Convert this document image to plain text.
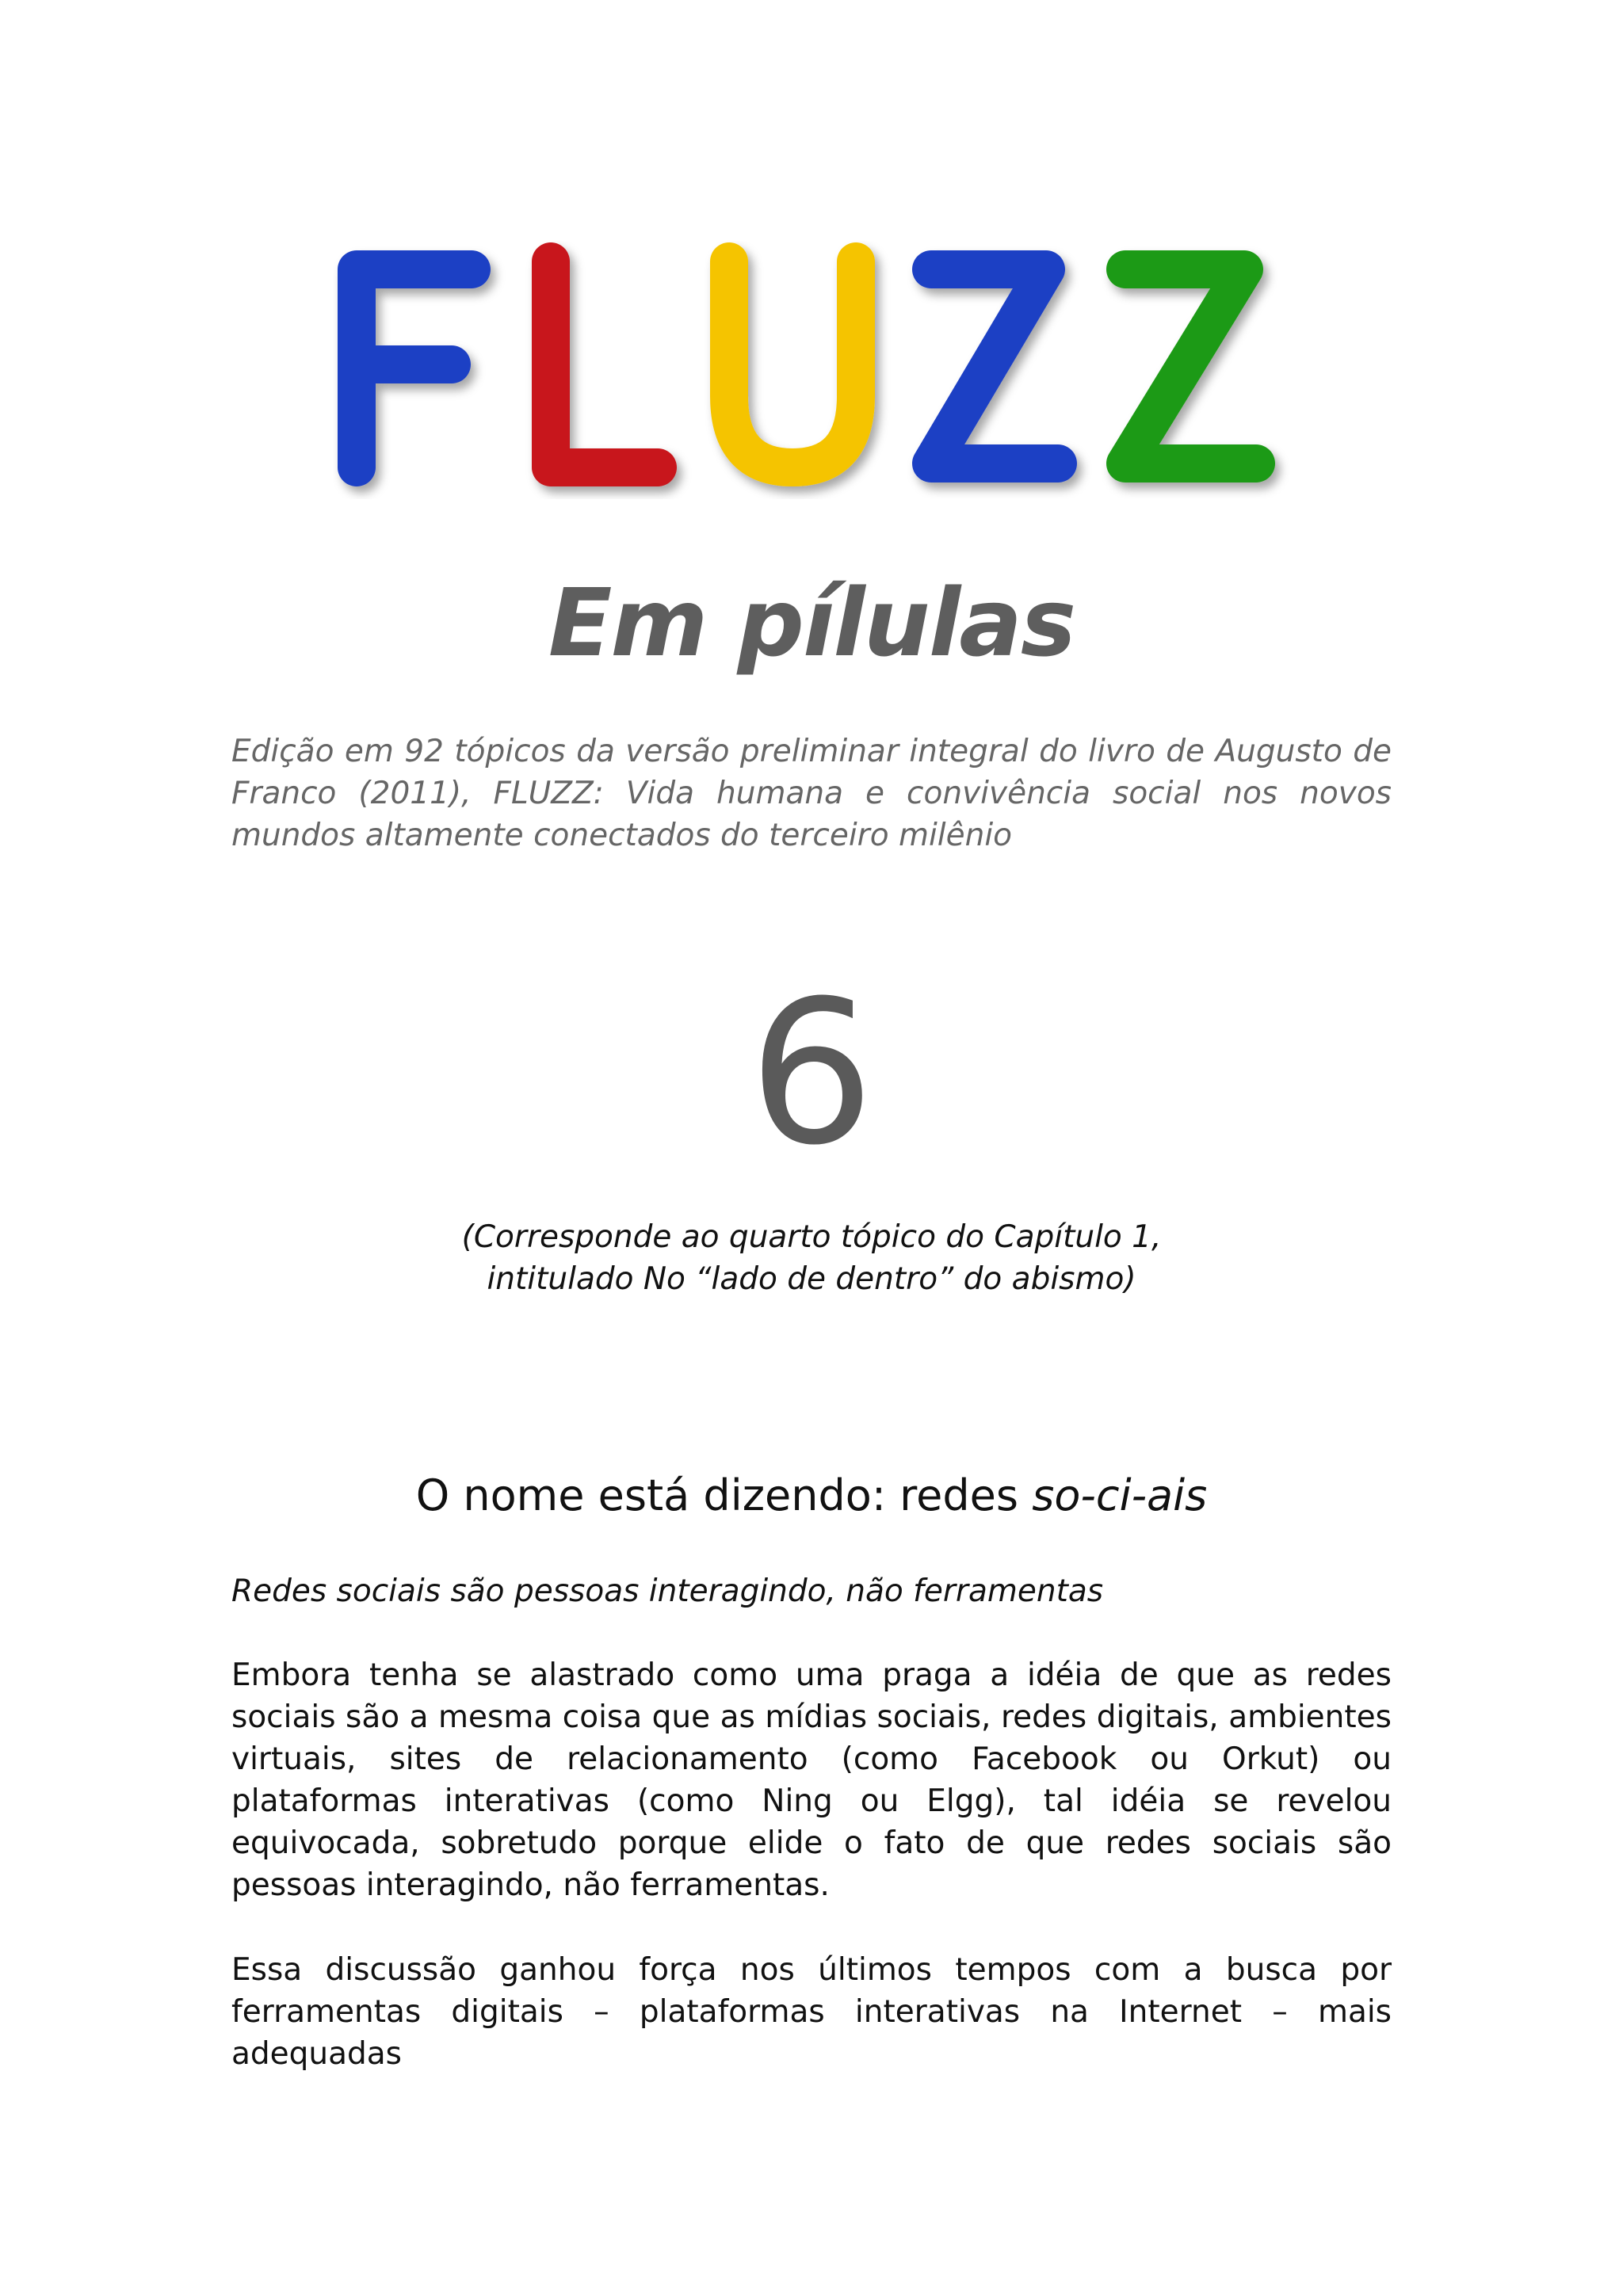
Em pílulas

Edição em 92 tópicos da versão preliminar integral do livro de Augusto de Franco (2011), FLUZZ: Vida humana e convivência social nos novos mundos altamente conectados do terceiro milênio

6
(Corresponde ao quarto tópico do Capítulo 1,
intitulado No “lado de dentro” do abismo)
O nome está dizendo: redes so-ci-ais

Redes sociais são pessoas interagindo, não ferramentas

Embora tenha se alastrado como uma praga a idéia de que as redes sociais são a mesma coisa que as mídias sociais, redes digitais, ambientes virtuais, sites de relacionamento (como Facebook ou Orkut) ou plataformas interativas (como Ning ou Elgg), tal idéia se revelou equivocada, sobretudo porque elide o fato de que redes sociais são pessoas interagindo, não ferramentas.

Essa discussão ganhou força nos últimos tempos com a busca por ferramentas digitais – plataformas interativas na Internet – mais adequadas
